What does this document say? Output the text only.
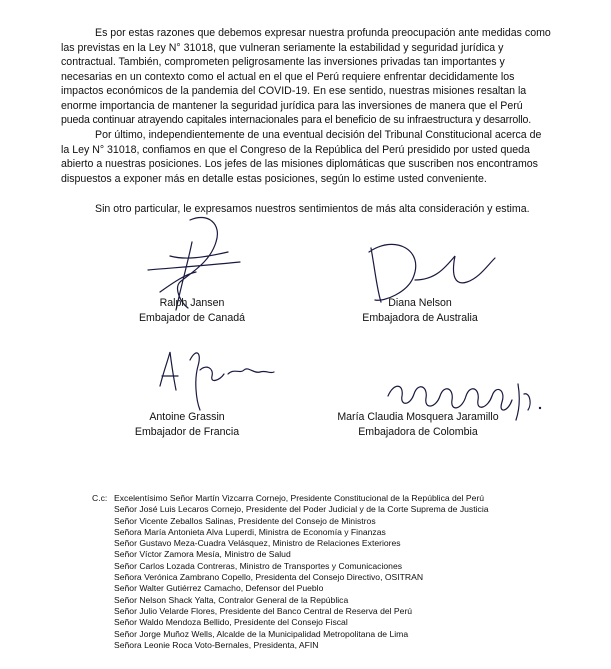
Es por estas razones que debemos expresar nuestra profunda preocupación ante medidas como
las previstas en la Ley N° 31018, que vulneran seriamente la estabilidad y seguridad jurídica y
contractual. También, comprometen peligrosamente las inversiones privadas tan importantes y
necesarias en un contexto como el actual en el que el Perú requiere enfrentar decididamente los
impactos económicos de la pandemia del COVID-19. En ese sentido, nuestras misiones resaltan la
enorme importancia de mantener la seguridad jurídica para las inversiones de manera que el Perú
pueda continuar atrayendo capitales internacionales para el beneficio de su infraestructura y desarrollo.
Por último, independientemente de una eventual decisión del Tribunal Constitucional acerca de
la Ley N° 31018, confiamos en que el Congreso de la República del Perú presidido por usted queda
abierto a nuestras posiciones. Los jefes de las misiones diplomáticas que suscriben nos encontramos
dispuestos a exponer más en detalle estas posiciones, según lo estime usted conveniente.
Sin otro particular, le expresamos nuestros sentimientos de más alta consideración y estima.
Ralph Jansen
Embajador de Canadá
Diana Nelson
Embajadora de Australia
Antoine Grassin
Embajador de Francia
María Claudia Mosquera Jaramillo
Embajadora de Colombia
C.c: Excelentísimo Señor Martín Vizcarra Cornejo, Presidente Constitucional de la República del Perú
Señor José Luis Lecaros Cornejo, Presidente del Poder Judicial y de la Corte Suprema de Justicia
Señor Vicente Zeballos Salinas, Presidente del Consejo de Ministros
Señora María Antonieta Alva Luperdi, Ministra de Economía y Finanzas
Señor Gustavo Meza-Cuadra Velásquez, Ministro de Relaciones Exteriores
Señor Víctor Zamora Mesía, Ministro de Salud
Señor Carlos Lozada Contreras, Ministro de Transportes y Comunicaciones
Señora Verónica Zambrano Copello, Presidenta del Consejo Directivo, OSITRAN
Señor Walter Gutiérrez Camacho, Defensor del Pueblo
Señor Nelson Shack Yalta, Contralor General de la República
Señor Julio Velarde Flores, Presidente del Banco Central de Reserva del Perú
Señor Waldo Mendoza Bellido, Presidente del Consejo Fiscal
Señor Jorge Muñoz Wells, Alcalde de la Municipalidad Metropolitana de Lima
Señora Leonie Roca Voto-Bernales, Presidenta, AFIN
